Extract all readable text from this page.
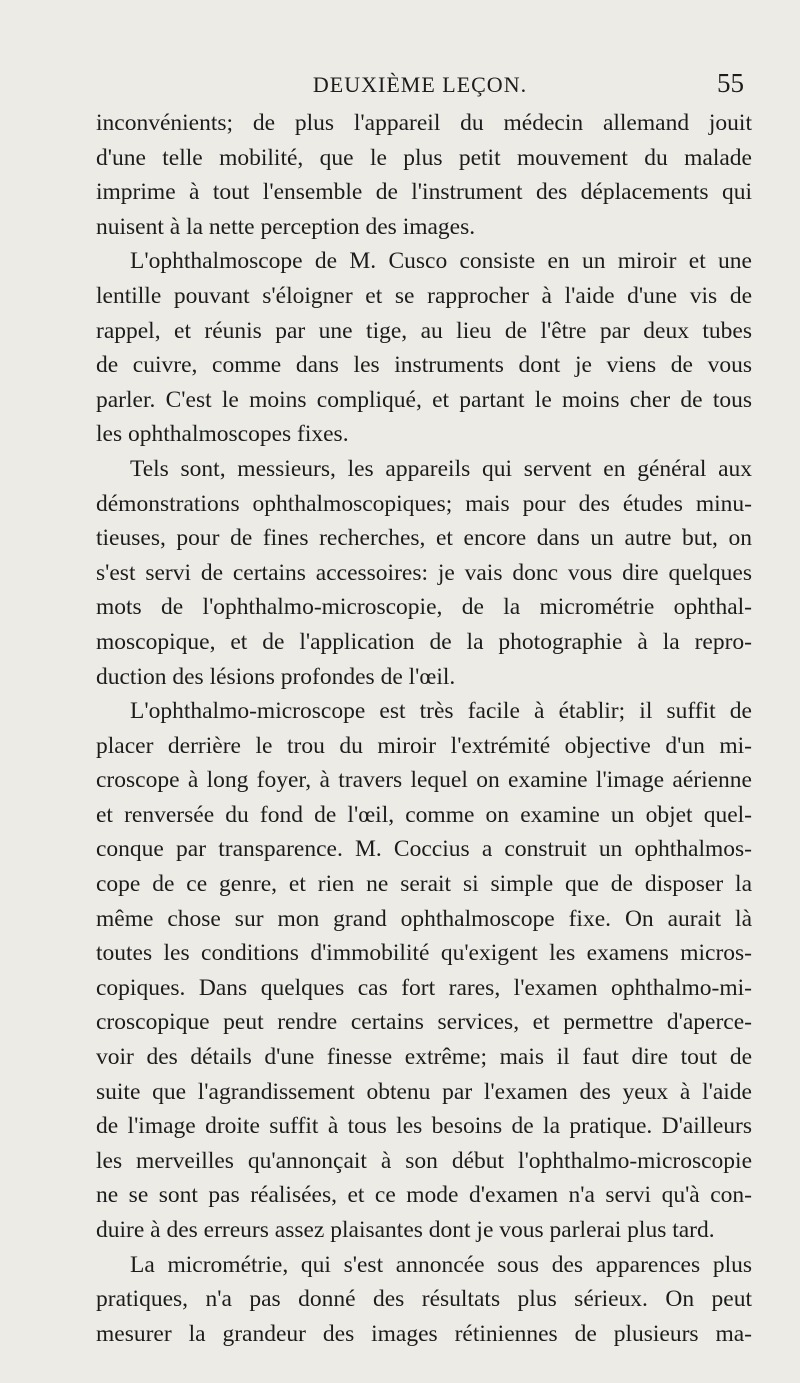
DEUXIÈME LEÇON.	55
inconvénients; de plus l'appareil du médecin allemand jouit
d'une telle mobilité, que le plus petit mouvement du malade
imprime à tout l'ensemble de l'instrument des déplacements qui
nuisent à la nette perception des images.
L'ophthalmoscope de M. Cusco consiste en un miroir et une
lentille pouvant s'éloigner et se rapprocher à l'aide d'une vis de
rappel, et réunis par une tige, au lieu de l'être par deux tubes
de cuivre, comme dans les instruments dont je viens de vous
parler. C'est le moins compliqué, et partant le moins cher de tous
les ophthalmoscopes fixes.
Tels sont, messieurs, les appareils qui servent en général aux
démonstrations ophthalmoscopiques; mais pour des études minu-
tieuses, pour de fines recherches, et encore dans un autre but, on
s'est servi de certains accessoires: je vais donc vous dire quelques
mots de l'ophthalmo-microscopie, de la micrométrie ophthal-
moscopique, et de l'application de la photographie à la repro-
duction des lésions profondes de l'œil.
L'ophthalmo-microscope est très facile à établir; il suffit de
placer derrière le trou du miroir l'extrémité objective d'un mi-
croscope à long foyer, à travers lequel on examine l'image aérienne
et renversée du fond de l'œil, comme on examine un objet quel-
conque par transparence. M. Coccius a construit un ophthalmos-
cope de ce genre, et rien ne serait si simple que de disposer la
même chose sur mon grand ophthalmoscope fixe. On aurait là
toutes les conditions d'immobilité qu'exigent les examens micros-
copiques. Dans quelques cas fort rares, l'examen ophthalmo-mi-
croscopique peut rendre certains services, et permettre d'aperce-
voir des détails d'une finesse extrême; mais il faut dire tout de
suite que l'agrandissement obtenu par l'examen des yeux à l'aide
de l'image droite suffit à tous les besoins de la pratique. D'ailleurs
les merveilles qu'annonçait à son début l'ophthalmo-microscopie
ne se sont pas réalisées, et ce mode d'examen n'a servi qu'à con-
duire à des erreurs assez plaisantes dont je vous parlerai plus tard.
La micrométrie, qui s'est annoncée sous des apparences plus
pratiques, n'a pas donné des résultats plus sérieux. On peut
mesurer la grandeur des images rétiniennes de plusieurs ma-
